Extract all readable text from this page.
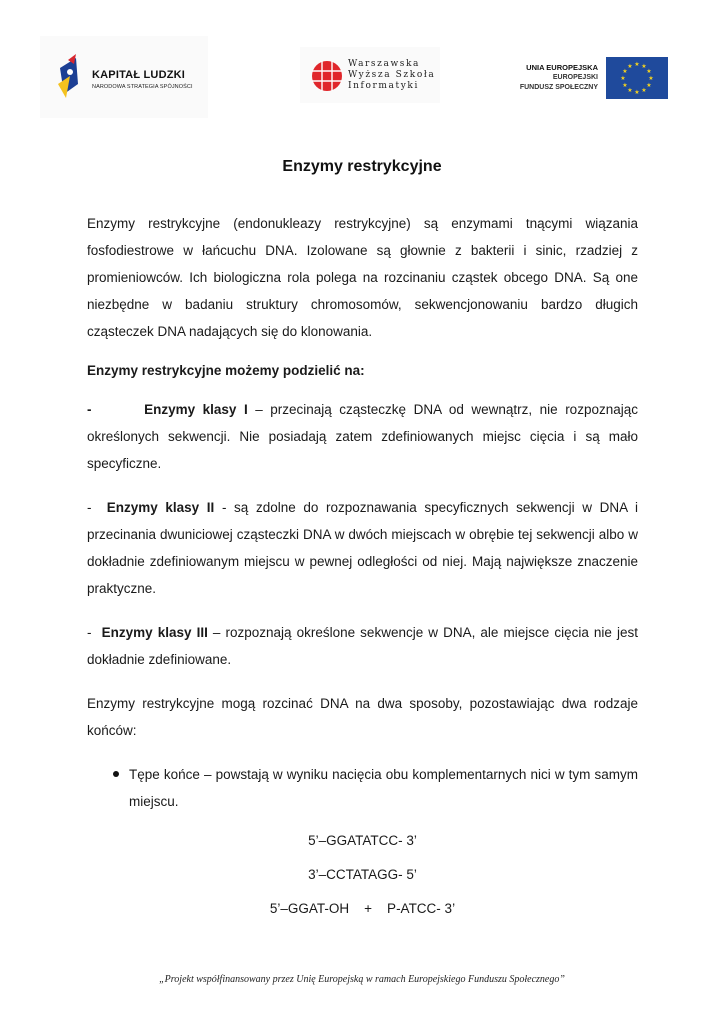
KAPITAŁ LUDZKI
NARODOWA STRATEGIA SPÓJNOŚCI
Warszawska
Wyższa Szkoła
Informatyki
UNIA EUROPEJSKA
EUROPEJSKI
FUNDUSZ SPOŁECZNY
★ ★
★
★
★
★
★
★
★
★
★
★
Enzymy restrykcyjne

Enzymy restrykcyjne (endonukleazy restrykcyjne) są enzymami tnącymi wiązania fosfodiestrowe w łańcuchu DNA. Izolowane są głownie z bakterii i sinic, rzadziej z promieniowców. Ich biologiczna rola polega na rozcinaniu cząstek obcego DNA. Są one niezbędne w badaniu struktury chromosomów, sekwencjonowaniu bardzo długich cząsteczek DNA nadających się do klonowania.

Enzymy restrykcyjne możemy podzielić na:

-	Enzymy klasy I – przecinają cząsteczkę DNA od wewnątrz, nie rozpoznając określonych sekwencji. Nie posiadają zatem zdefiniowanych miejsc cięcia i są mało specyficzne.

- Enzymy klasy II - są zdolne do rozpoznawania specyficznych sekwencji w DNA i przecinania dwuniciowej cząsteczki DNA w dwóch miejscach w obrębie tej sekwencji albo w dokładnie zdefiniowanym miejscu w pewnej odległości od niej. Mają największe znaczenie praktyczne.

- Enzymy klasy III – rozpoznają określone sekwencje w DNA, ale miejsce cięcia nie jest dokładnie zdefiniowane.

Enzymy restrykcyjne mogą rozcinać DNA na dwa sposoby, pozostawiając dwa rodzaje końców:

Tępe końce – powstają w wyniku nacięcia obu komplementarnych nici w tym samym miejscu.

5’–GGATATCC- 3’

3’–CCTATAGG- 5’

5’–GGAT-OH    +    P-ATCC- 3’

„Projekt współfinansowany przez Unię Europejską w ramach Europejskiego Funduszu Społecznego”
